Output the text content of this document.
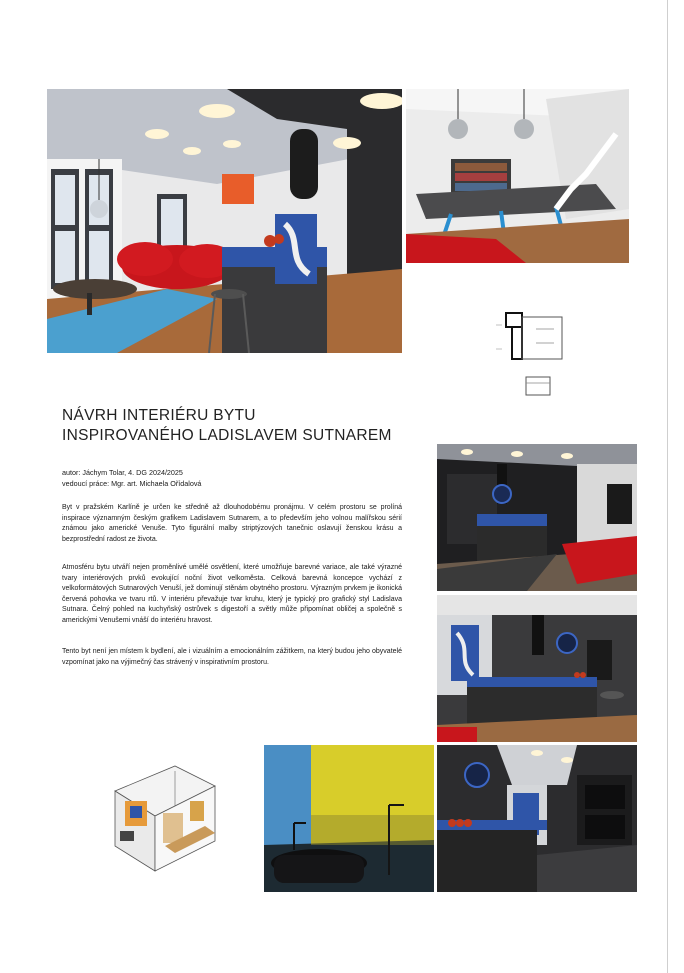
NÁVRH INTERIÉRU BYTU
INSPIROVANÉHO LADISLAVEM SUTNAREM
autor: Jáchym Tolar, 4. DG 2024/2025
vedoucí práce: Mgr. art. Michaela Ořídalová

Byt v pražském Karlíně je určen ke středně až dlouhodobému pronájmu. V celém prostoru se prolíná inspirace významným českým grafikem Ladislavem Sutnarem, a to především jeho volnou malířskou sérií známou jako americké Venuše. Tyto figurální malby striptýzových tanečnic oslavují ženskou krásu a bezprostřední radost ze života.

Atmosféru bytu utváří nejen proměnlivé umělé osvětlení, které umožňuje barevné variace, ale také výrazné tvary interiérových prvků evokující noční život velkoměsta. Celková barevná koncepce vychází z velkoformátových Sutnarových Venuší, jež dominují stěnám obytného prostoru. Výrazným prvkem je ikonická červená pohovka ve tvaru rtů. V interiéru převažuje tvar kruhu, který je typický pro grafický styl Ladislava Sutnara. Čelný pohled na kuchyňský ostrůvek s digestoří a světly může připomínat obličej a společně s americkými Venušemi vnáší do interiéru hravost.

Tento byt není jen místem k bydlení, ale i vizuálním a emocionálním zážitkem, na který budou jeho obyvatelé vzpomínat jako na výjimečný čas strávený v inspirativním prostoru.
